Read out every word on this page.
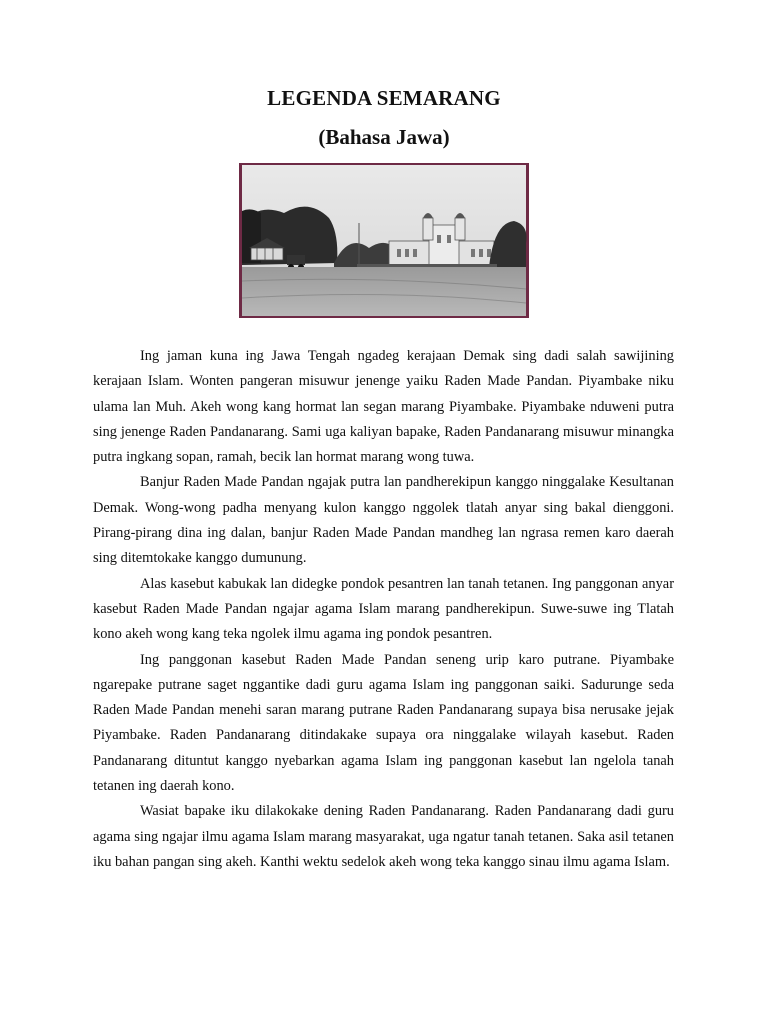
LEGENDA SEMARANG
(Bahasa Jawa)

Ing jaman kuna ing Jawa Tengah ngadeg kerajaan Demak sing dadi salah sawijining kerajaan Islam. Wonten pangeran misuwur jenenge yaiku Raden Made Pandan. Piyambake niku ulama lan Muh. Akeh wong kang hormat lan segan marang Piyambake. Piyambake nduweni putra sing jenenge Raden Pandanarang. Sami uga kaliyan bapake, Raden Pandanarang misuwur minangka putra ingkang sopan, ramah, becik lan hormat marang wong tuwa.

Banjur Raden Made Pandan ngajak putra lan pandherekipun kanggo ninggalake Kesultanan Demak. Wong-wong padha menyang kulon kanggo nggolek tlatah anyar sing bakal dienggoni. Pirang-pirang dina ing dalan, banjur Raden Made Pandan mandheg lan ngrasa remen karo daerah sing ditemtokake kanggo dumunung.

Alas kasebut kabukak lan didegke pondok pesantren lan tanah tetanen. Ing panggonan anyar kasebut Raden Made Pandan ngajar agama Islam marang pandherekipun. Suwe-suwe ing Tlatah kono akeh wong kang teka ngolek ilmu agama ing pondok pesantren.

Ing panggonan kasebut Raden Made Pandan seneng urip karo putrane. Piyambake ngarepake putrane saget nggantike dadi guru agama Islam ing panggonan saiki. Sadurunge seda Raden Made Pandan menehi saran marang putrane Raden Pandanarang supaya bisa nerusake jejak Piyambake. Raden Pandanarang ditindakake supaya ora ninggalake wilayah kasebut. Raden Pandanarang dituntut kanggo nyebarkan agama Islam ing panggonan kasebut lan ngelola tanah tetanen ing daerah kono.

Wasiat bapake iku dilakokake dening Raden Pandanarang. Raden Pandanarang dadi guru agama sing ngajar ilmu agama Islam marang masyarakat, uga ngatur tanah tetanen. Saka asil tetanen iku bahan pangan sing akeh. Kanthi wektu sedelok akeh wong teka kanggo sinau ilmu agama Islam.
